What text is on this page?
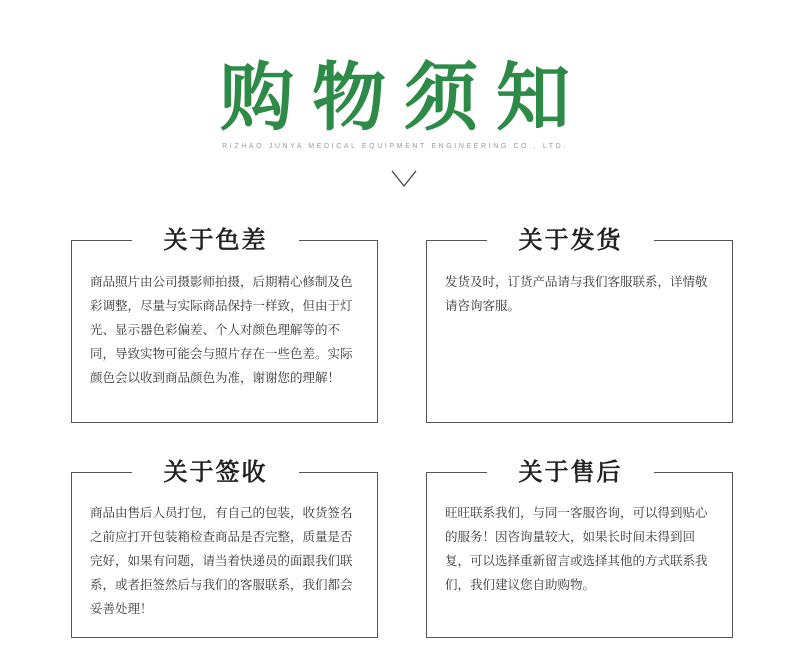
购物须知
RIZHAO JUNYA MEDICAL EQUIPMENT ENGINEERING CO., LTD.
关于色差
商品照片由公司摄影师拍摄，后期精心修制及色彩调整，尽量与实际商品保持一样致，但由于灯光、显示器色彩偏差、个人对颜色理解等的不同，导致实物可能会与照片存在一些色差。实际颜色会以收到商品颜色为准，谢谢您的理解！
关于发货
发货及时，订货产品请与我们客服联系，详情敬请咨询客服。
关于签收
商品由售后人员打包，有自己的包装，收货签名之前应打开包装箱检查商品是否完整，质量是否完好，如果有问题，请当着快递员的面跟我们联系，或者拒签然后与我们的客服联系，我们都会妥善处理！
关于售后
旺旺联系我们，与同一客服咨询，可以得到贴心的服务！因咨询量较大，如果长时间未得到回复，可以选择重新留言或选择其他的方式联系我们，我们建议您自助购物。
